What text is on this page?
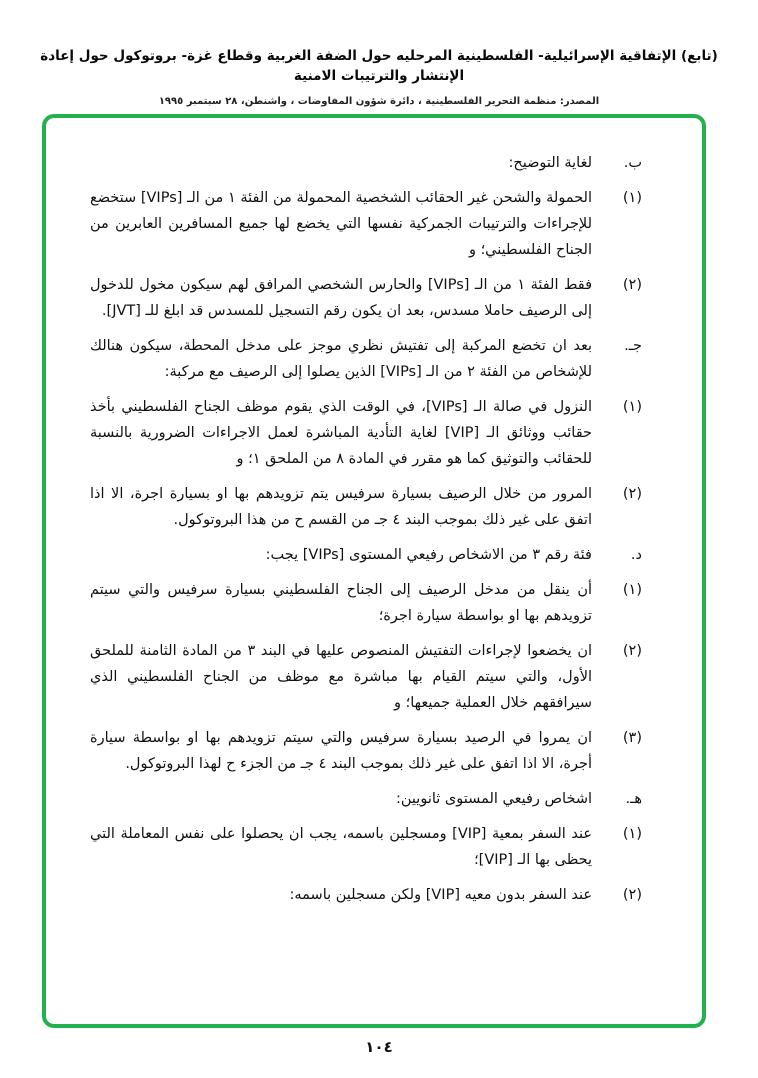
(تابع) الإتفاقية الإسرائيلية- الفلسطينية المرحليه حول الضفة الغربية وقطاع غزة- بروتوكول حول إعادة الإنتشار والترتيبات الامنية
المصدر: منظمة التحرير الفلسطينية ، دائرة شؤون المفاوضات ، واشنطن، ٢٨ سبتمبر ١٩٩٥
ب.
لغاية التوضيح:
(١)
الحمولة والشحن غير الحقائب الشخصية المحمولة من الفئة ١ من الـ [VIPs] ستخضع للإجراءات والترتيبات الجمركية نفسها التي يخضع لها جميع المسافرين العابرين من الجناح الفلسطيني؛ و
(٢)
فقط الفئة ١ من الـ [VIPs] والحارس الشخصي المرافق لهم سيكون مخول للدخول إلى الرصيف حاملا مسدس، بعد ان يكون رقم التسجيل للمسدس قد ابلغ للـ [JVT].
جـ.
بعد ان تخضع المركبة إلى تفتيش نظري موجز على مدخل المحطة، سيكون هنالك للإشخاص من الفئة ٢ من الـ [VIPs] الذين يصلوا إلى الرصيف مع مركبة:
(١)
النزول في صالة الـ [VIPs]، في الوقت الذي يقوم موظف الجناح الفلسطيني بأخذ حقائب ووثائق الـ [VIP] لغاية التأدية المباشرة لعمل الاجراءات الضرورية بالنسبة للحقائب والتوثيق كما هو مقرر في المادة ٨ من الملحق ١؛ و
(٢)
المرور من خلال الرصيف بسيارة سرفيس يتم تزويدهم بها او بسيارة اجرة، الا اذا اتفق على غير ذلك بموجب البند ٤ جـ من القسم ح من هذا البروتوكول.
د.
فئة رقم ٣ من الاشخاص رفيعي المستوى [VIPs] يجب:
(١)
أن ينقل من مدخل الرصيف إلى الجناح الفلسطيني بسيارة سرفيس والتي سيتم تزويدهم بها او بواسطة سيارة اجرة؛
(٢)
ان يخضعوا لإجراءات التفتيش المنصوص عليها في البند ٣ من المادة الثامنة للملحق الأول، والتي سيتم القيام بها مباشرة مع موظف من الجناح الفلسطيني الذي سيرافقهم خلال العملية جميعها؛ و
(٣)
ان يمروا في الرصيد بسيارة سرفيس والتي سيتم تزويدهم بها او بواسطة سيارة أجرة، الا اذا اتفق على غير ذلك بموجب البند ٤ جـ من الجزء ح لهذا البروتوكول.
هـ.
اشخاص رفيعي المستوى ثانويين:
(١)
عند السفر بمعية [VIP] ومسجلين باسمه، يجب ان يحصلوا على نفس المعاملة التي يحظى بها الـ [VIP]؛
(٢)
عند السفر بدون معيه [VIP] ولكن مسجلين باسمه:
١٠٤
